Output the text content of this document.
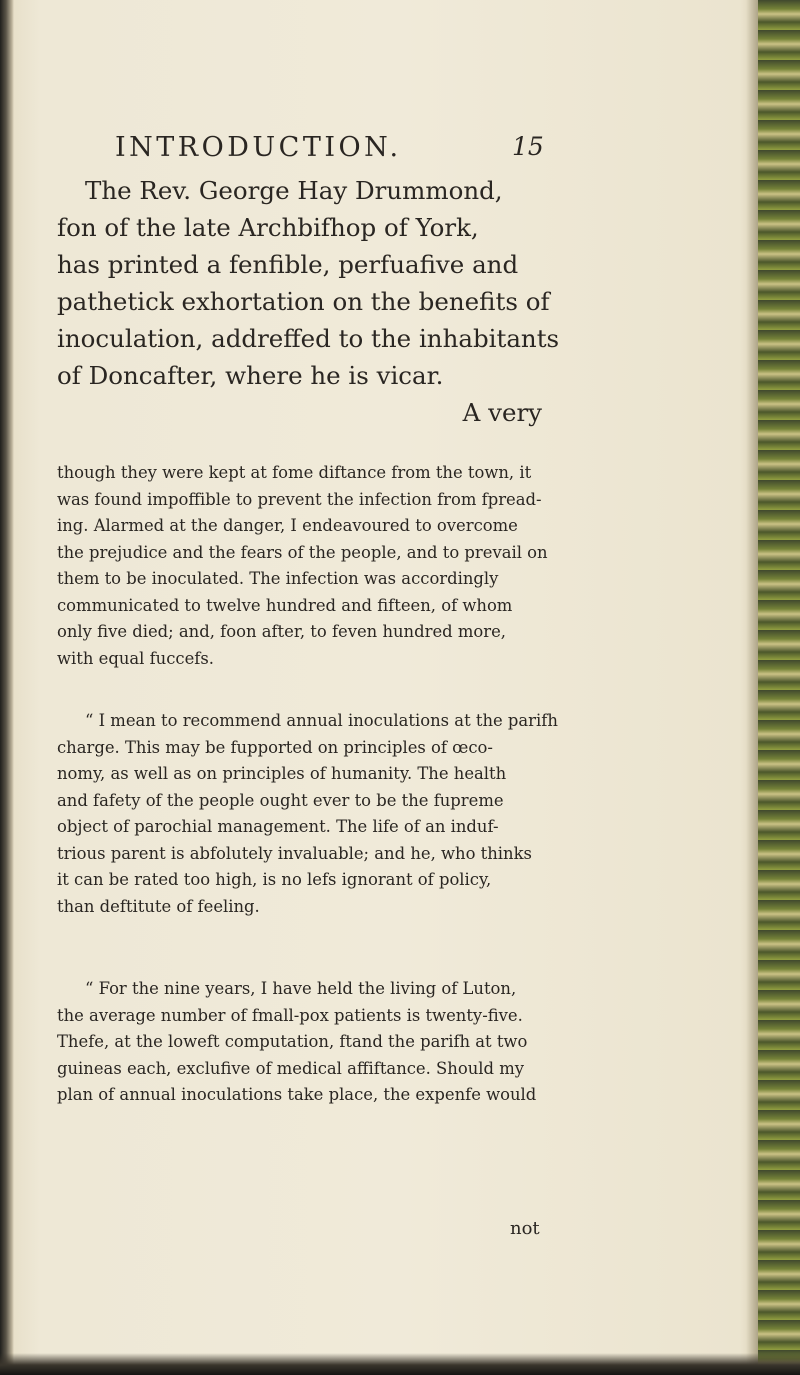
INTRODUCTION.	15
The Rev. George Hay Drummond,
fon of the late Archbifhop of York,
has printed a fenfible, perfuafive and
pathetick exhortation on the benefits of
inoculation, addreffed to the inhabitants
of Doncafter, where he is vicar.
A very
though they were kept at fome diftance from the town, it
was found impoffible to prevent the infection from fpread-
ing. Alarmed at the danger, I endeavoured to overcome
the prejudice and the fears of the people, and to prevail on
them to be inoculated. The infection was accordingly
communicated to twelve hundred and fifteen, of whom
only five died; and, foon after, to feven hundred more,
with equal fuccefs.
“ I mean to recommend annual inoculations at the parifh
charge. This may be fupported on principles of œco-
nomy, as well as on principles of humanity. The health
and fafety of the people ought ever to be the fupreme
object of parochial management. The life of an induf-
trious parent is abfolutely invaluable; and he, who thinks
it can be rated too high, is no lefs ignorant of policy,
than deftitute of feeling.
“ For the nine years, I have held the living of Luton,
the average number of fmall-pox patients is twenty-five.
Thefe, at the loweft computation, ftand the parifh at two
guineas each, exclufive of medical affiftance. Should my
plan of annual inoculations take place, the expenfe would
not
